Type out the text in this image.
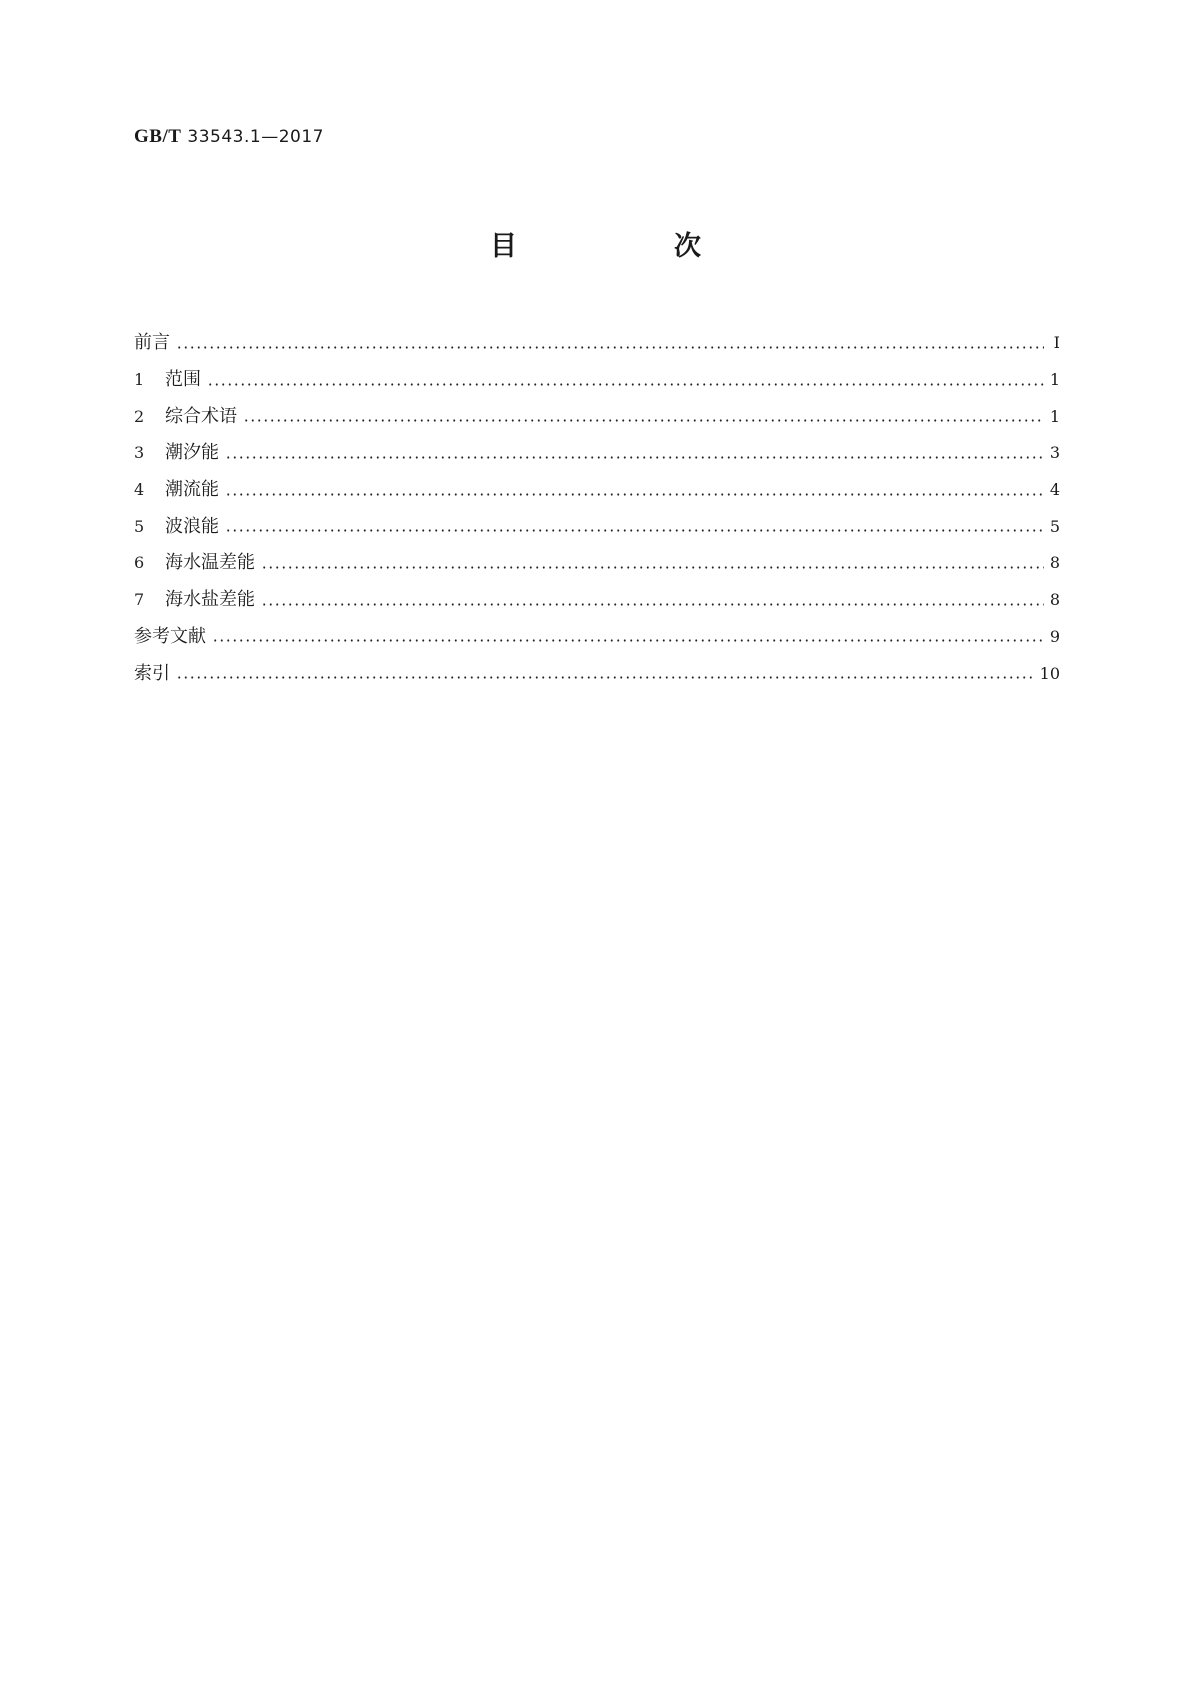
GB/T 33543.1—2017
目　次
前言	Ⅰ
1	范围	1
2	综合术语	1
3	潮汐能	3
4	潮流能	4
5	波浪能	5
6	海水温差能	8
7	海水盐差能	8
参考文献	9
索引	10
